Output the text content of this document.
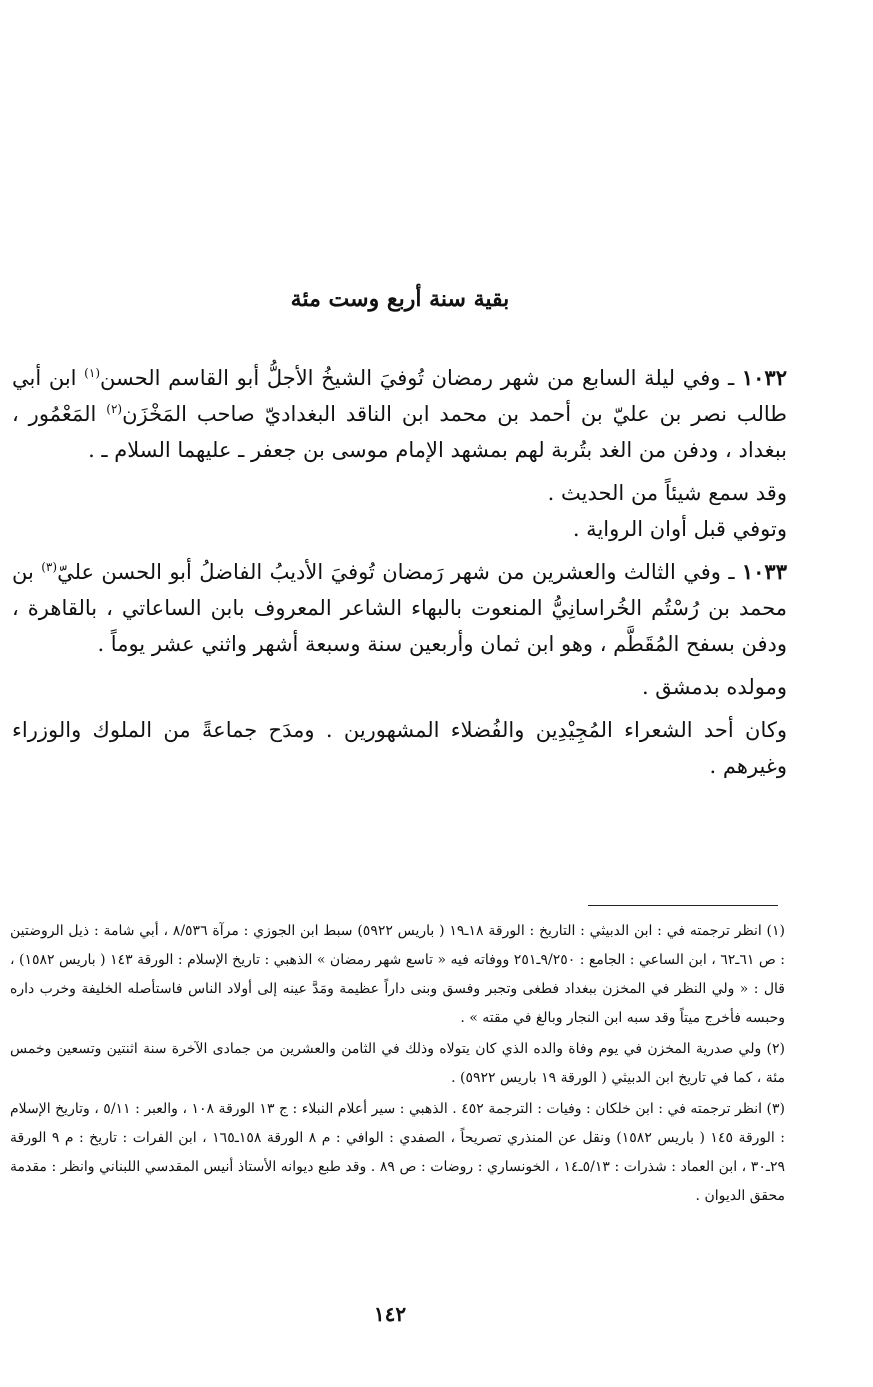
بقية سنة أربع وست مئة

١٠٣٢ ـ وفي ليلة السابع من شهر رمضان تُوفيَ الشيخُ الأجلُّ أبو القاسم الحسن$^{(١)}$ ابن أبي طالب نصر بن عليّ بن أحمد بن محمد ابن الناقد البغداديّ صاحب المَخْزَن$^{(٢)}$ المَعْمُور ، ببغداد ، ودفن من الغد بتُربة لهم بمشهد الإمام موسى بن جعفر ـ عليهما السلام ـ .

وقد سمع شيئاً من الحديث .

وتوفي قبل أوان الرواية .

١٠٣٣ ـ وفي الثالث والعشرين من شهر رَمضان تُوفيَ الأديبُ الفاضلُ أبو الحسن عليّ$^{(٣)}$ بن محمد بن رُسْتُم الخُراسانِيُّ المنعوت بالبهاء الشاعر المعروف بابن الساعاتي ، بالقاهرة ، ودفن بسفح المُقَطَّم ، وهو ابن ثمان وأربعين سنة وسبعة أشهر واثني عشر يوماً .

ومولده بدمشق .

وكان أحد الشعراء المُجِيْدِين والفُضلاء المشهورين . ومدَح جماعةً من الملوك والوزراء وغيرهم .

(١) انظر ترجمته في : ابن الدبيثي : التاريخ : الورقة ١٨ـ١٩ ( باريس ٥٩٢٢) سبط ابن الجوزي : مرآة ٨/٥٣٦ ، أبي شامة : ذيل الروضتين : ص ٦١ـ٦٢ ، ابن الساعي : الجامع : ٩/٢٥٠ـ٢٥١ ووفاته فيه « تاسع شهر رمضان » الذهبي : تاريخ الإسلام : الورقة ١٤٣ ( باريس ١٥٨٢) ، قال : « ولي النظر في المخزن ببغداد فطغى وتجبر وفسق وبنى داراً عظيمة ومَدَّ عينه إلى أولاد الناس فاستأصله الخليفة وخرب داره وحبسه فأخرج ميتاً وقد سبه ابن النجار وبالغ في مقته » .

(٢) ولي صدرية المخزن في يوم وفاة والده الذي كان يتولاه وذلك في الثامن والعشرين من جمادى الآخرة سنة اثنتين وتسعين وخمس مئة ، كما في تاريخ ابن الدبيثي ( الورقة ١٩ باريس ٥٩٢٢) .

(٣) انظر ترجمته في : ابن خلكان : وفيات : الترجمة ٤٥٢ . الذهبي : سير أعلام النبلاء : ج ١٣ الورقة ١٠٨ ، والعبر : ٥/١١ ، وتاريخ الإسلام : الورقة ١٤٥ ( باريس ١٥٨٢) ونقل عن المنذري تصريحاً ، الصفدي : الوافي : م ٨ الورقة ١٥٨ـ١٦٥ ، ابن الفرات : تاريخ : م ٩ الورقة ٢٩ـ٣٠ ، ابن العماد : شذرات : ٥/١٣ـ١٤ ، الخونساري : روضات : ص ٨٩ . وقد طبع ديوانه الأستاذ أنيس المقدسي اللبناني وانظر : مقدمة محقق الديوان .

١٤٢
